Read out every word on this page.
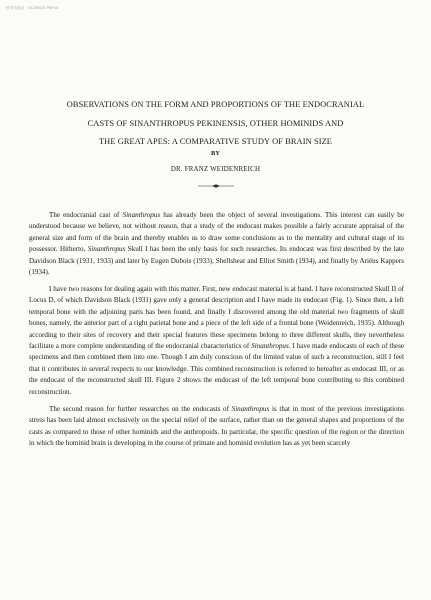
科学出版社 · SCIENCE PRESS
OBSERVATIONS ON THE FORM AND PROPORTIONS OF THE ENDOCRANIAL
CASTS OF SINANTHROPUS PEKINENSIS, OTHER HOMINIDS AND
THE GREAT APES: A COMPARATIVE STUDY OF BRAIN SIZE
BY
DR. FRANZ WEIDENREICH

The endocranial cast of Sinanthropus has already been the object of several investigations. This interest can easily be understood because we believe, not without reason, that a study of the endocast makes possible a fairly accurate appraisal of the general size and form of the brain and thereby enables us to draw some conclusions as to the mentality and cultural stage of its possessor. Hitherto, Sinanthropus Skull I has been the only basis for such researches. Its endocast was first described by the late Davidson Black (1931, 1933) and later by Eugen Dubois (1933), Shellshear and Elliot Smith (1934), and finally by Ariëns Kappers (1934).

I have two reasons for dealing again with this matter. First, new endocast material is at hand. I have reconstructed Skull II of Locus D, of which Davidson Black (1931) gave only a general description and I have made its endocast (Fig. 1). Since then, a left temporal bone with the adjoining parts has been found, and finally I discovered among the old material two fragments of skull bones, namely, the anterior part of a right parietal bone and a piece of the left side of a frontal bone (Weidenreich, 1935). Although according to their sites of recovery and their special features these specimens belong to three different skulls, they nevertheless facilitate a more complete understanding of the endocranial characteristics of Sinanthropus. I have made endocasts of each of these specimens and then combined them into one. Though I am duly conscious of the limited value of such a reconstruction, still I feel that it contributes in several respects to our knowledge. This combined reconstruction is referred to hereafter as endocast III, or as the endocast of the reconstructed skull III. Figure 2 shows the endocast of the left temporal bone contributing to this combined reconstruction.

The second reason for further researches on the endocasts of Sinanthropus is that in most of the previous investigations stress has been laid almost exclusively on the special relief of the surface, rather than on the general shapes and proportions of the casts as compared to those of other hominids and the anthropoids. In particular, the specific question of the region or the direction in which the hominid brain is developing in the course of primate and hominid evolution has as yet been scarcely
